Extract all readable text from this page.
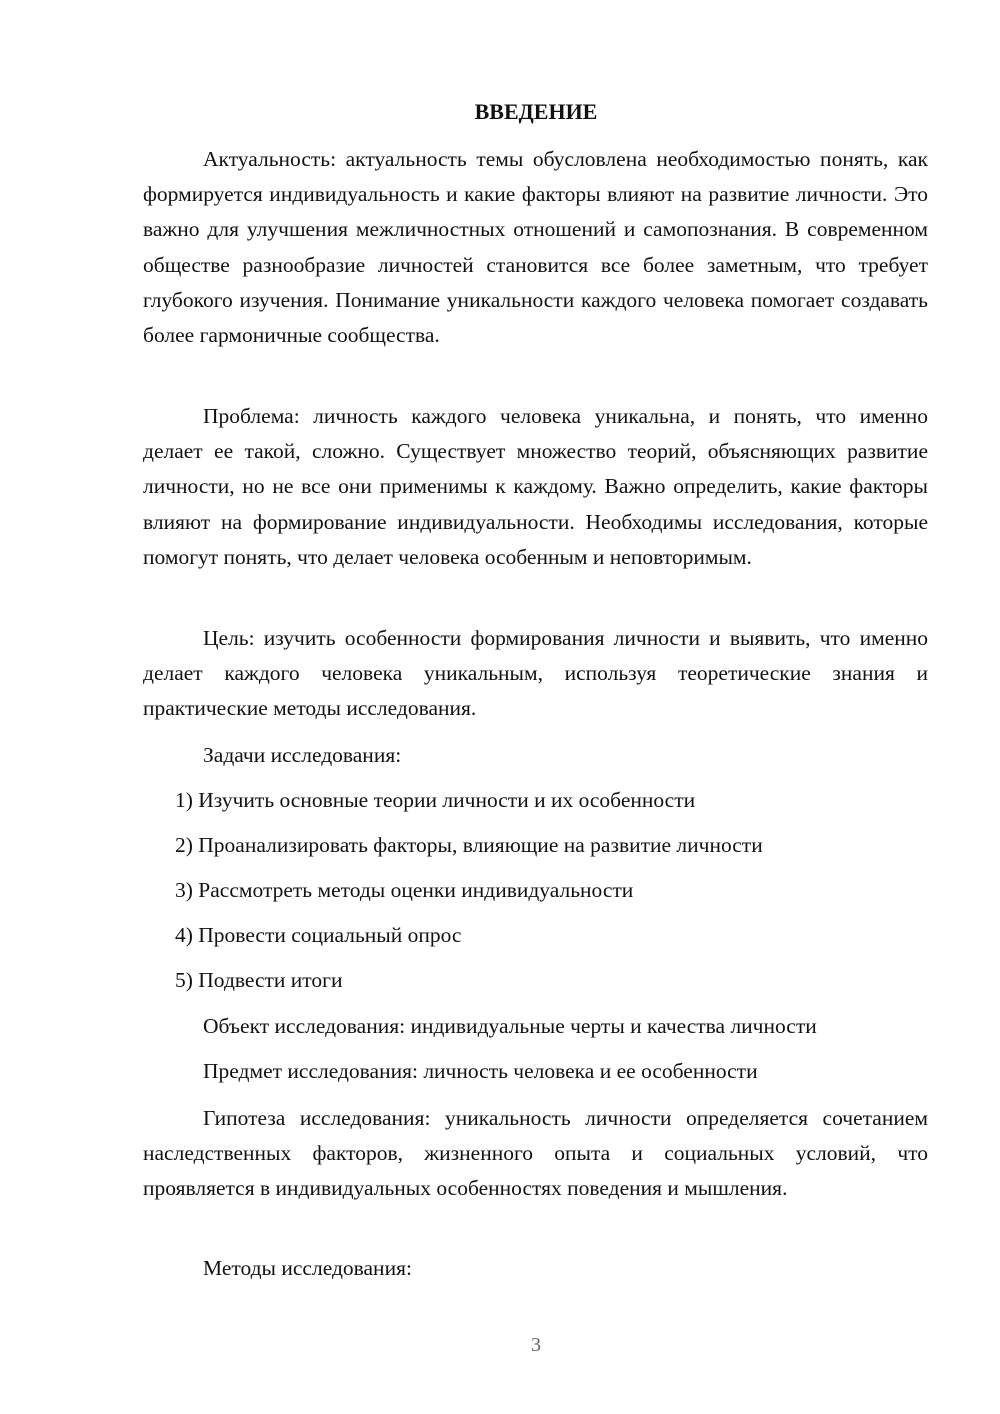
ВВЕДЕНИЕ

Актуальность: актуальность темы обусловлена необходимостью понять, как формируется индивидуальность и какие факторы влияют на развитие личности. Это важно для улучшения межличностных отношений и самопознания. В современном обществе разнообразие личностей становится все более заметным, что требует глубокого изучения. Понимание уникальности каждого человека помогает создавать более гармоничные сообщества.

Проблема: личность каждого человека уникальна, и понять, что именно делает ее такой, сложно. Существует множество теорий, объясняющих развитие личности, но не все они применимы к каждому. Важно определить, какие факторы влияют на формирование индивидуальности. Необходимы исследования, которые помогут понять, что делает человека особенным и неповторимым.

Цель: изучить особенности формирования личности и выявить, что именно делает каждого человека уникальным, используя теоретические знания и практические методы исследования.

Задачи исследования:

1) Изучить основные теории личности и их особенности

2) Проанализировать факторы, влияющие на развитие личности

3) Рассмотреть методы оценки индивидуальности

4) Провести социальный опрос

5) Подвести итоги

Объект исследования: индивидуальные черты и качества личности

Предмет исследования: личность человека и ее особенности

Гипотеза исследования: уникальность личности определяется сочетанием наследственных факторов, жизненного опыта и социальных условий, что проявляется в индивидуальных особенностях поведения и мышления.

Методы исследования:

3
